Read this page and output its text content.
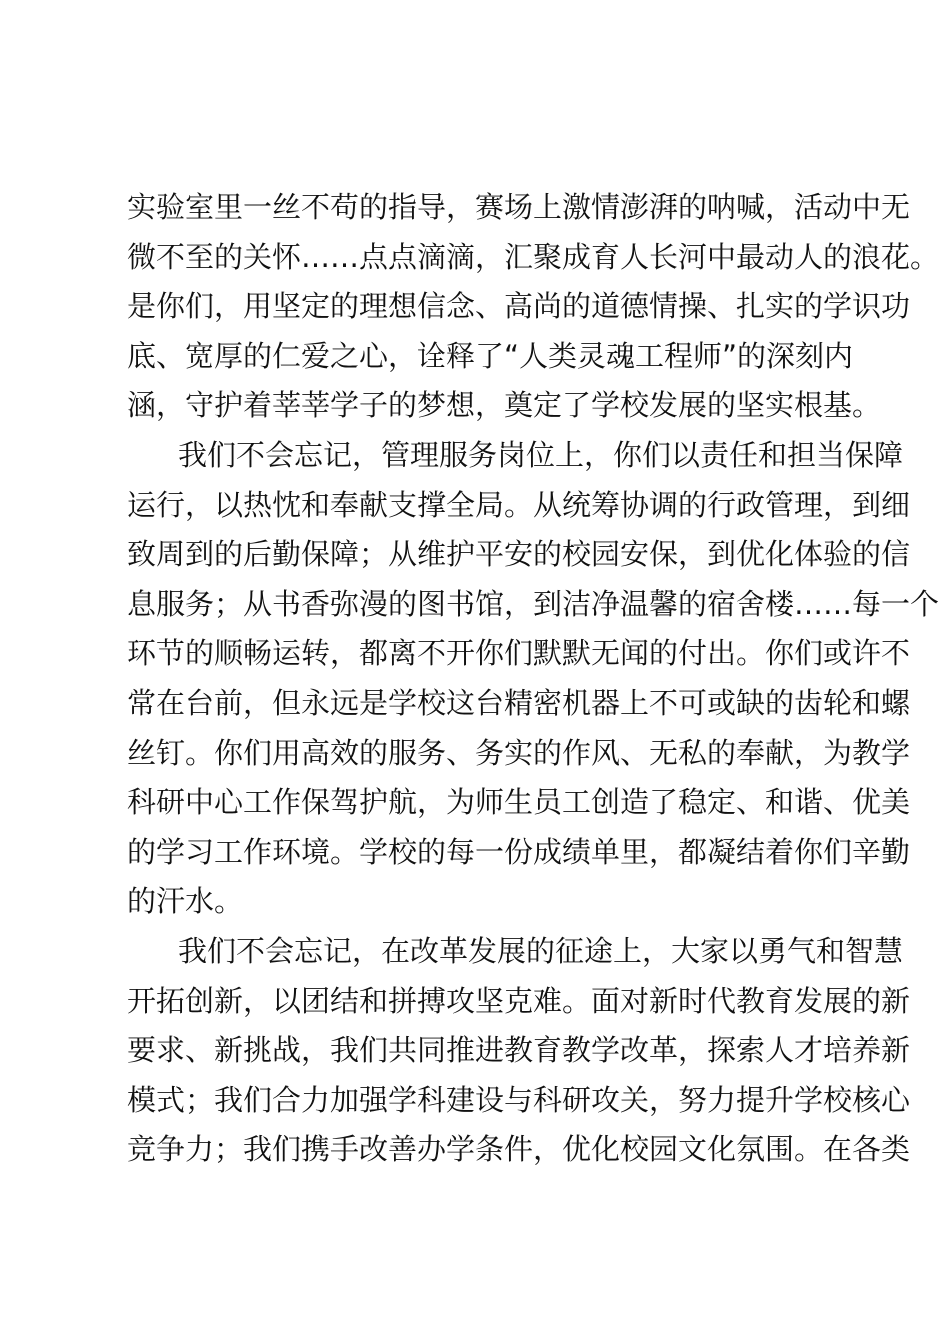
实验室里一丝不苟的指导，赛场上激情澎湃的呐喊，活动中无
微不至的关怀……点点滴滴，汇聚成育人长河中最动人的浪花。
是你们，用坚定的理想信念、高尚的道德情操、扎实的学识功
底、宽厚的仁爱之心，诠释了“人类灵魂工程师”的深刻内
涵，守护着莘莘学子的梦想，奠定了学校发展的坚实根基。
我们不会忘记，管理服务岗位上，你们以责任和担当保障
运行，以热忱和奉献支撑全局。从统筹协调的行政管理，到细
致周到的后勤保障；从维护平安的校园安保，到优化体验的信
息服务；从书香弥漫的图书馆，到洁净温馨的宿舍楼……每一个
环节的顺畅运转，都离不开你们默默无闻的付出。你们或许不
常在台前，但永远是学校这台精密机器上不可或缺的齿轮和螺
丝钉。你们用高效的服务、务实的作风、无私的奉献，为教学
科研中心工作保驾护航，为师生员工创造了稳定、和谐、优美
的学习工作环境。学校的每一份成绩单里，都凝结着你们辛勤
的汗水。
我们不会忘记，在改革发展的征途上，大家以勇气和智慧
开拓创新，以团结和拼搏攻坚克难。面对新时代教育发展的新
要求、新挑战，我们共同推进教育教学改革，探索人才培养新
模式；我们合力加强学科建设与科研攻关，努力提升学校核心
竞争力；我们携手改善办学条件，优化校园文化氛围。在各类
